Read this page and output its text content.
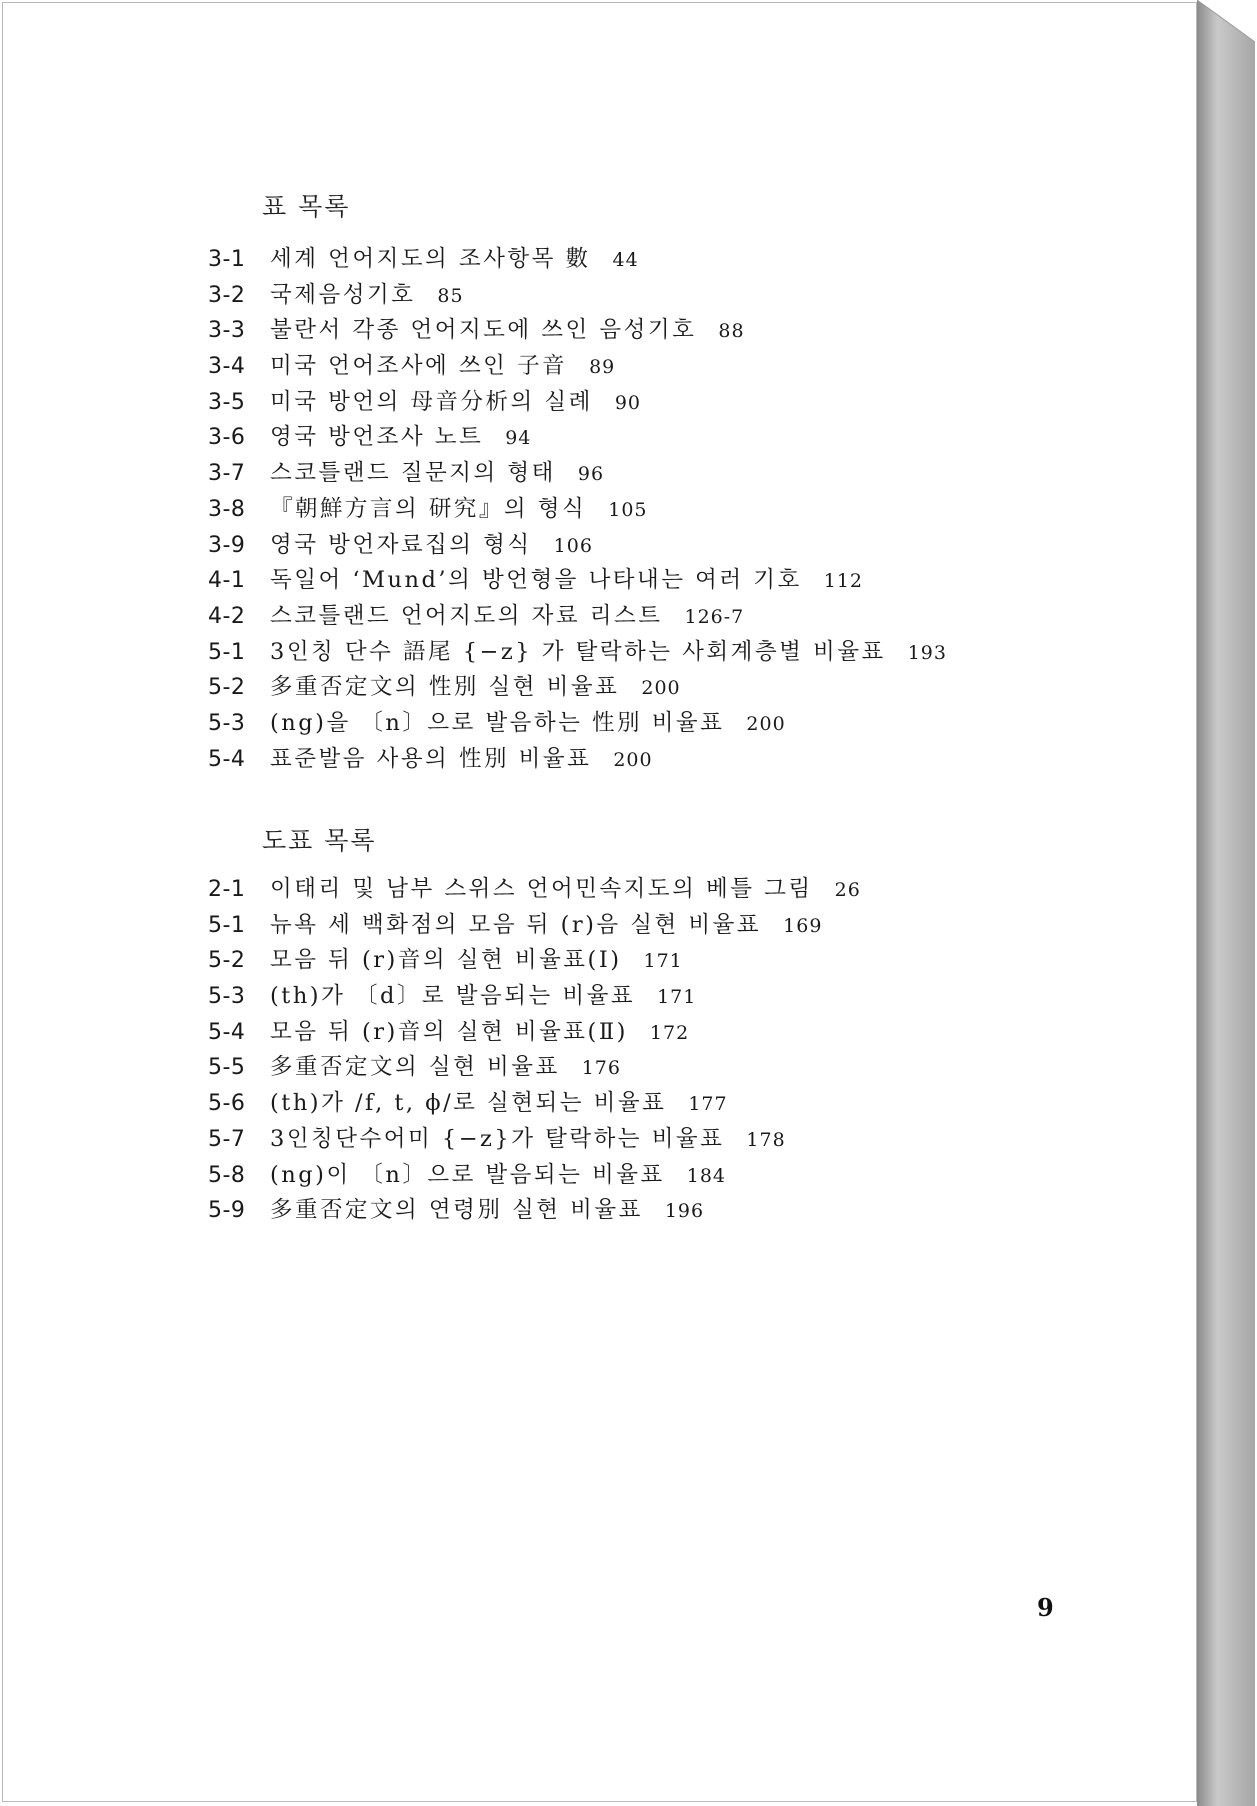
표 목록
3-1	세계 언어지도의 조사항목 數 44
3-2	국제음성기호 85
3-3	불란서 각종 언어지도에 쓰인 음성기호 88
3-4	미국 언어조사에 쓰인 子音 89
3-5	미국 방언의 母音分析의 실례 90
3-6	영국 방언조사 노트 94
3-7	스코틀랜드 질문지의 형태 96
3-8	『朝鮮方言의 研究』의 형식 105
3-9	영국 방언자료집의 형식 106
4-1	독일어 ‘Mund’의 방언형을 나타내는 여러 기호 112
4-2	스코틀랜드 언어지도의 자료 리스트 126-7
5-1	3인칭 단수 語尾 {−z} 가 탈락하는 사회계층별 비율표 193
5-2	多重否定文의 性別 실현 비율표 200
5-3	(ng)을 〔n〕으로 발음하는 性別 비율표 200
5-4	표준발음 사용의 性別 비율표 200
도표 목록
2-1	이태리 및 남부 스위스 언어민속지도의 베틀 그림 26
5-1	뉴욕 세 백화점의 모음 뒤 (r)음 실현 비율표 169
5-2	모음 뒤 (r)音의 실현 비율표(Ⅰ) 171
5-3	(th)가 〔d〕로 발음되는 비율표 171
5-4	모음 뒤 (r)音의 실현 비율표(Ⅱ) 172
5-5	多重否定文의 실현 비율표 176
5-6	(th)가 /f, t, ϕ/로 실현되는 비율표 177
5-7	3인칭단수어미 {−z}가 탈락하는 비율표 178
5-8	(ng)이 〔n〕으로 발음되는 비율표 184
5-9	多重否定文의 연령別 실현 비율표 196
9
